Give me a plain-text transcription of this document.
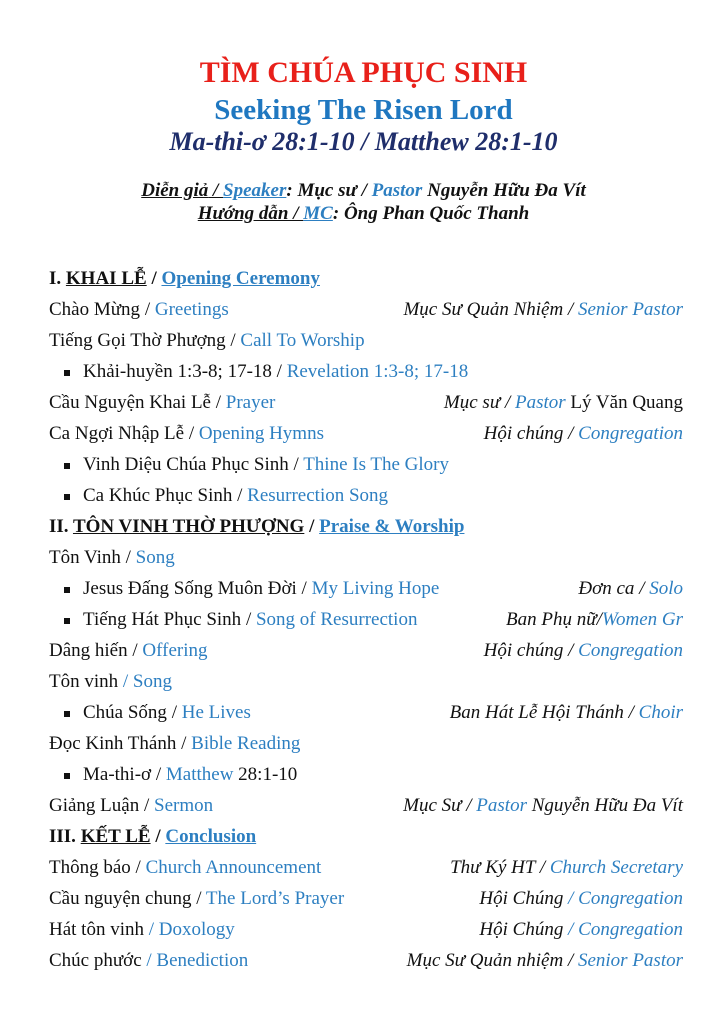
TÌM CHÚA PHỤC SINH
Seeking The Risen Lord
Ma-thi-ơ 28:1-10 / Matthew 28:1-10
Diễn giả / Speaker: Mục sư / Pastor Nguyễn Hữu Đa Vít
Hướng dẫn / MC: Ông Phan Quốc Thanh
I. KHAI LỄ / Opening Ceremony
Chào Mừng / Greetings	Mục Sư Quản Nhiệm / Senior Pastor
Tiếng Gọi Thờ Phượng / Call To Worship
Khải-huyền 1:3-8; 17-18 / Revelation 1:3-8; 17-18
Cầu Nguyện Khai Lễ / Prayer	Mục sư / Pastor Lý Văn Quang
Ca Ngợi Nhập Lễ / Opening Hymns	Hội chúng / Congregation
Vinh Diệu Chúa Phục Sinh / Thine Is The Glory
Ca Khúc Phục Sinh / Resurrection Song
II. TÔN VINH THỜ PHƯỢNG / Praise & Worship
Tôn Vinh / Song
Jesus Đấng Sống Muôn Đời / My Living Hope	Đơn ca / Solo
Tiếng Hát Phục Sinh / Song of Resurrection	Ban Phụ nữ/Women Gr
Dâng hiến / Offering	Hội chúng / Congregation
Tôn vinh / Song
Chúa Sống / He Lives	Ban Hát Lễ Hội Thánh / Choir
Đọc Kinh Thánh / Bible Reading
Ma-thi-ơ / Matthew 28:1-10
Giảng Luận / Sermon	Mục Sư / Pastor Nguyễn Hữu Đa Vít
III. KẾT LỄ / Conclusion
Thông báo / Church Announcement	Thư Ký HT / Church Secretary
Cầu nguyện chung / The Lord’s Prayer	Hội Chúng / Congregation
Hát tôn vinh / Doxology	Hội Chúng / Congregation
Chúc phước / Benediction	Mục Sư Quản nhiệm / Senior Pastor
